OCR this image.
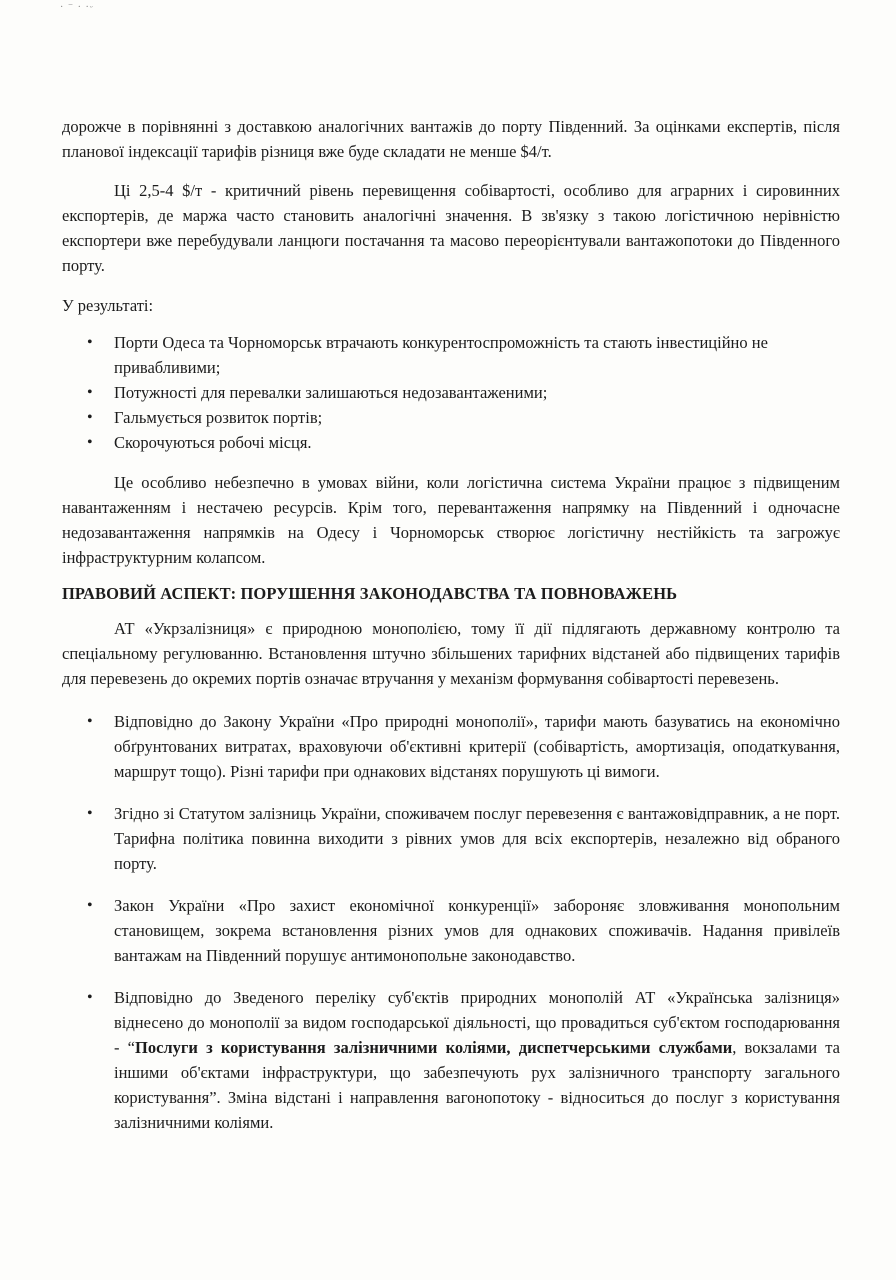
· ⁻ · ·ᵕ

дорожче в порівнянні з доставкою аналогічних вантажів до порту Південний. За оцінками експертів, після планової індексації тарифів різниця вже буде складати не менше $4/т.

Ці 2,5-4 $/т - критичний рівень перевищення собівартості, особливо для аграрних і сировинних експортерів, де маржа часто становить аналогічні значення. В зв'язку з такою логістичною нерівністю експортери вже перебудували ланцюги постачання та масово переорієнтували вантажопотоки до Південного порту.

У результаті:

• Порти Одеса та Чорноморськ втрачають конкурентоспроможність та стають інвестиційно не привабливими;
• Потужності для перевалки залишаються недозавантаженими;
• Гальмується розвиток портів;
• Скорочуються робочі місця.

Це особливо небезпечно в умовах війни, коли логістична система України працює з підвищеним навантаженням і нестачею ресурсів. Крім того, перевантаження напрямку на Південний і одночасне недозавантаження напрямків на Одесу і Чорноморськ створює логістичну нестійкість та загрожує інфраструктурним колапсом.

ПРАВОВИЙ АСПЕКТ: ПОРУШЕННЯ ЗАКОНОДАВСТВА ТА ПОВНОВАЖЕНЬ

АТ «Укрзалізниця» є природною монополією, тому її дії підлягають державному контролю та спеціальному регулюванню. Встановлення штучно збільшених тарифних відстаней або підвищених тарифів для перевезень до окремих портів означає втручання у механізм формування собівартості перевезень.

• Відповідно до Закону України «Про природні монополії», тарифи мають базуватись на економічно обґрунтованих витратах, враховуючи об'єктивні критерії (собівартість, амортизація, оподаткування, маршрут тощо). Різні тарифи при однакових відстанях порушують ці вимоги.
• Згідно зі Статутом залізниць України, споживачем послуг перевезення є вантажовідправник, а не порт. Тарифна політика повинна виходити з рівних умов для всіх експортерів, незалежно від обраного порту.
• Закон України «Про захист економічної конкуренції» забороняє зловживання монопольним становищем, зокрема встановлення різних умов для однакових споживачів. Надання привілеїв вантажам на Південний порушує антимонопольне законодавство.
• Відповідно до Зведеного переліку суб'єктів природних монополій АТ «Українська залізниця» віднесено до монополії за видом господарської діяльності, що провадиться суб'єктом господарювання - “Послуги з користування залізничними коліями, диспетчерськими службами, вокзалами та іншими об'єктами інфраструктури, що забезпечують рух залізничного транспорту загального користування”. Зміна відстані і направлення вагонопотоку - відноситься до послуг з користування залізничними коліями.
